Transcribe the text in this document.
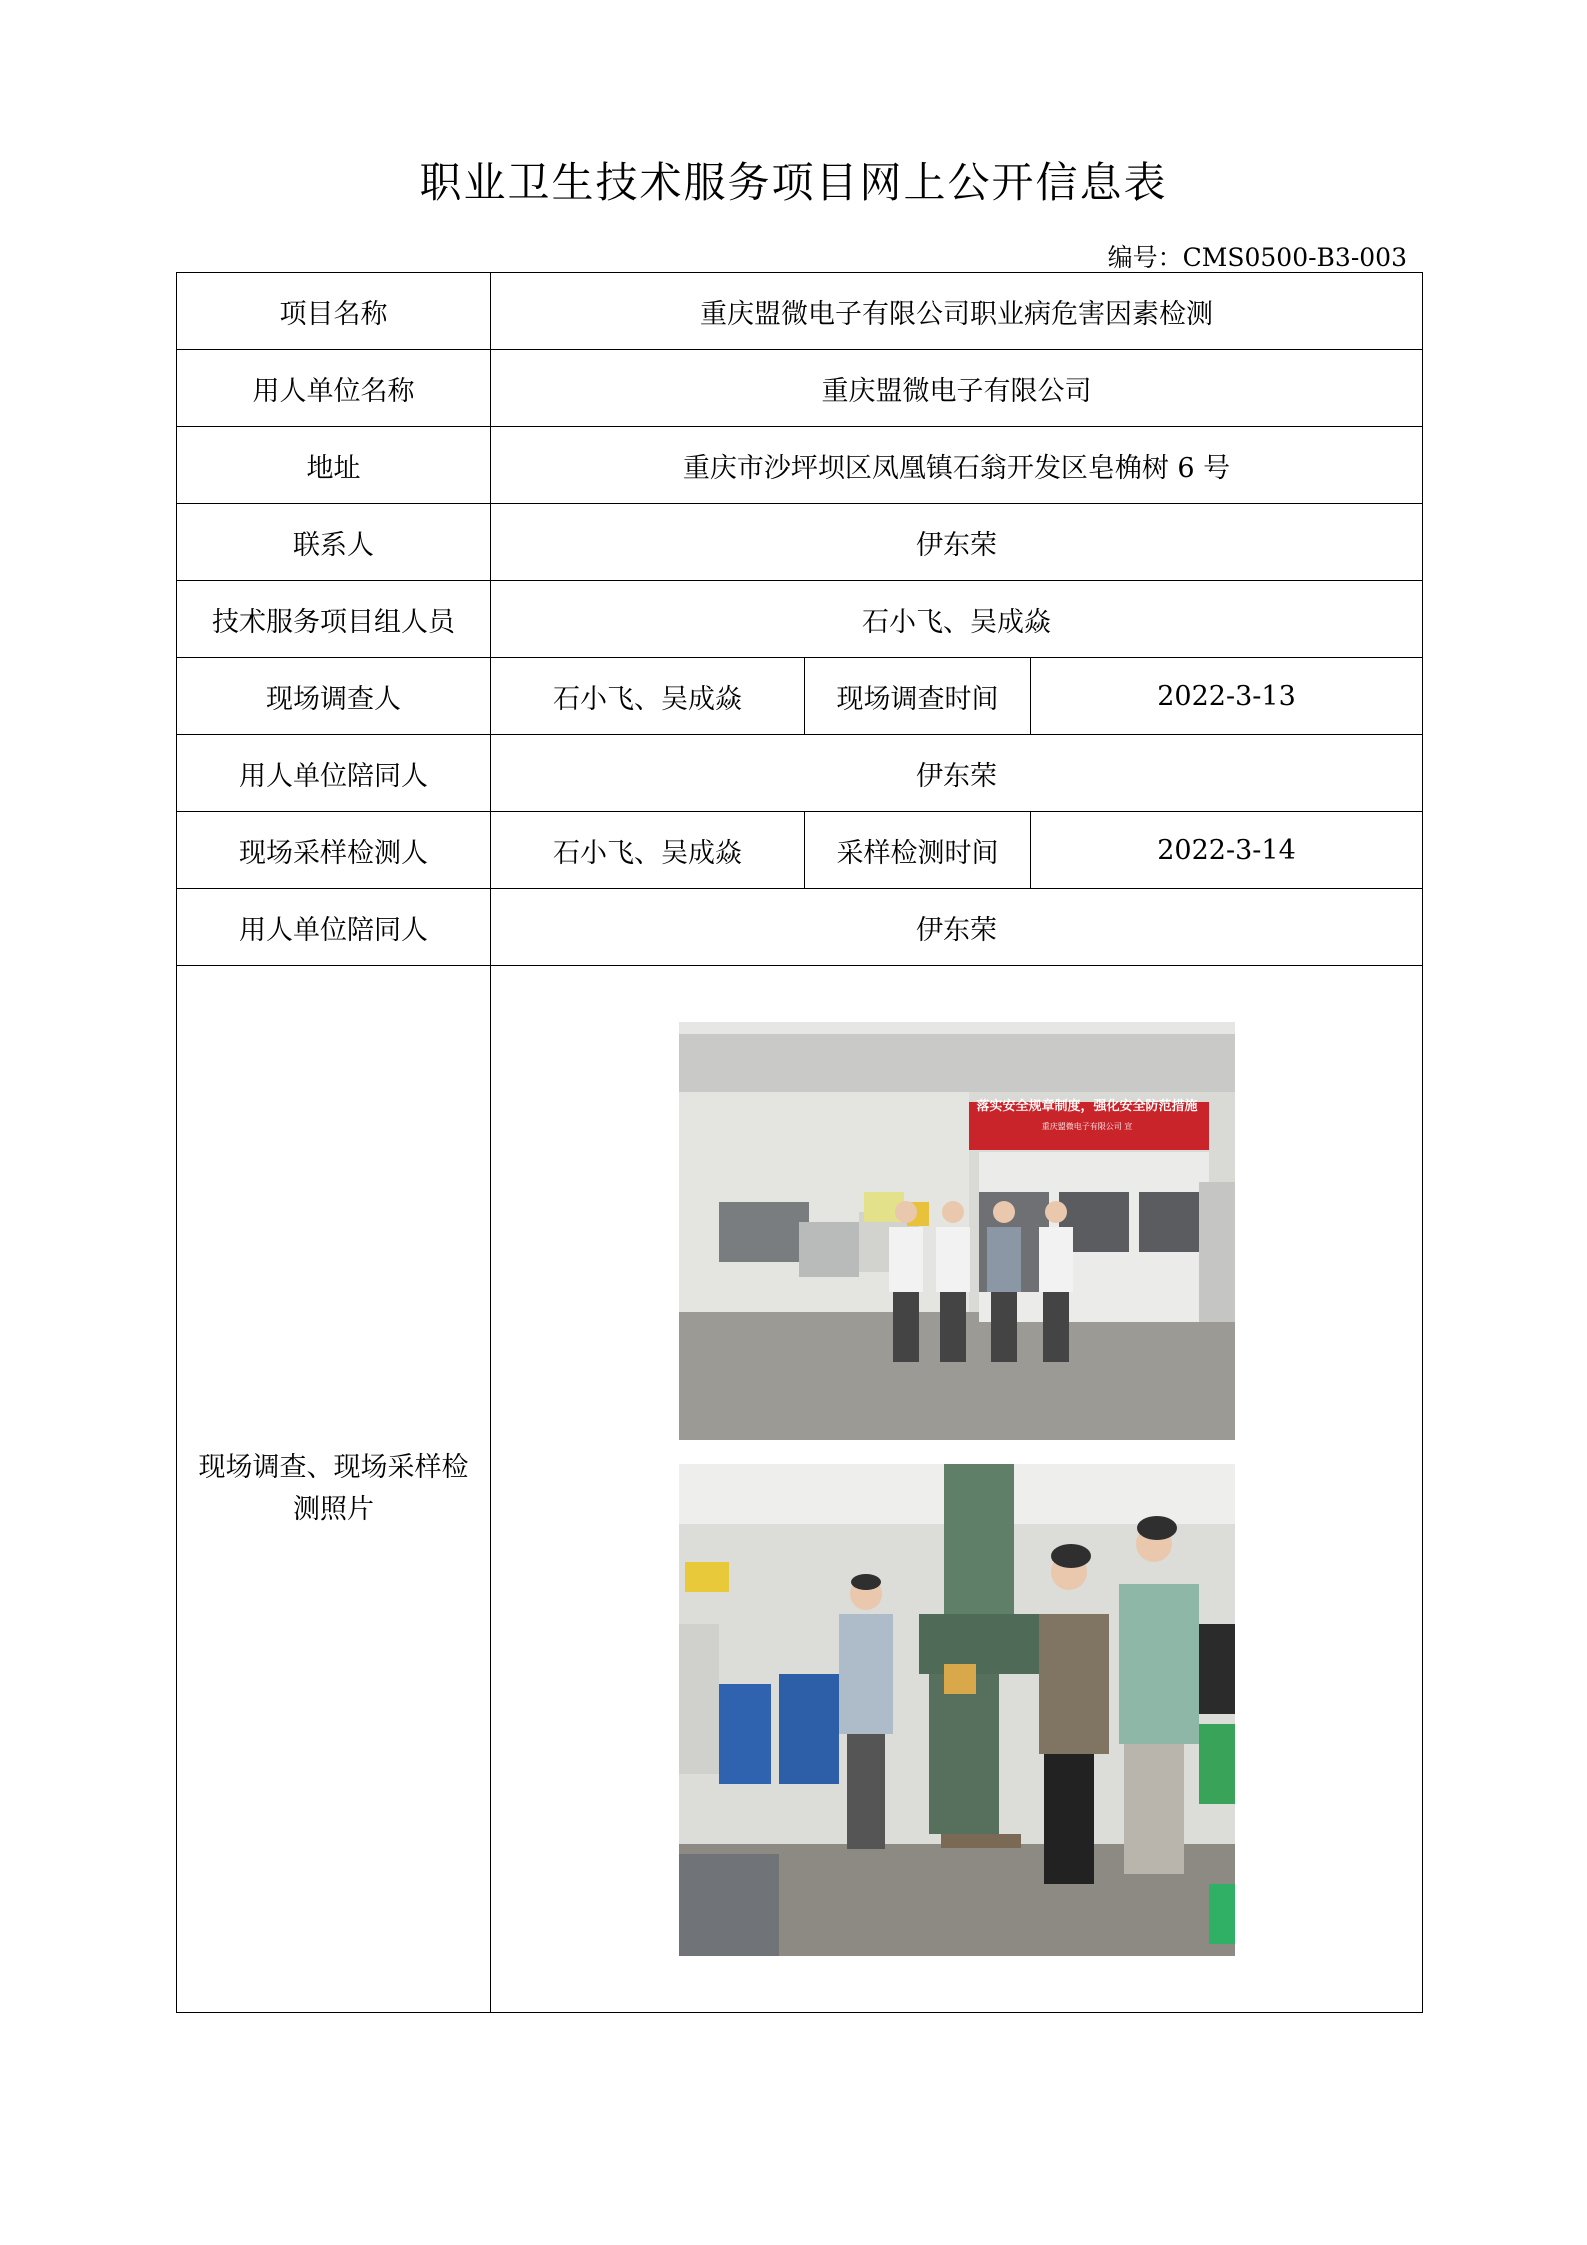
职业卫生技术服务项目网上公开信息表
编号：CMS0500-B3-003
项目名称	重庆盟微电子有限公司职业病危害因素检测		
用人单位名称	重庆盟微电子有限公司		
地址	重庆市沙坪坝区凤凰镇石翁开发区皂桷树 6 号		
联系人	伊东荣		
技术服务项目组人员	石小飞、吴成焱		
现场调查人	石小飞、吴成焱	现场调查时间	2022-3-13
用人单位陪同人	伊东荣		
现场采样检测人	石小飞、吴成焱	采样检测时间	2022-3-14
用人单位陪同人	伊东荣		
现场调查、现场采样检测照片	
落实安全规章制度，强化安全防范措施
重庆盟微电子有限公司 宣
